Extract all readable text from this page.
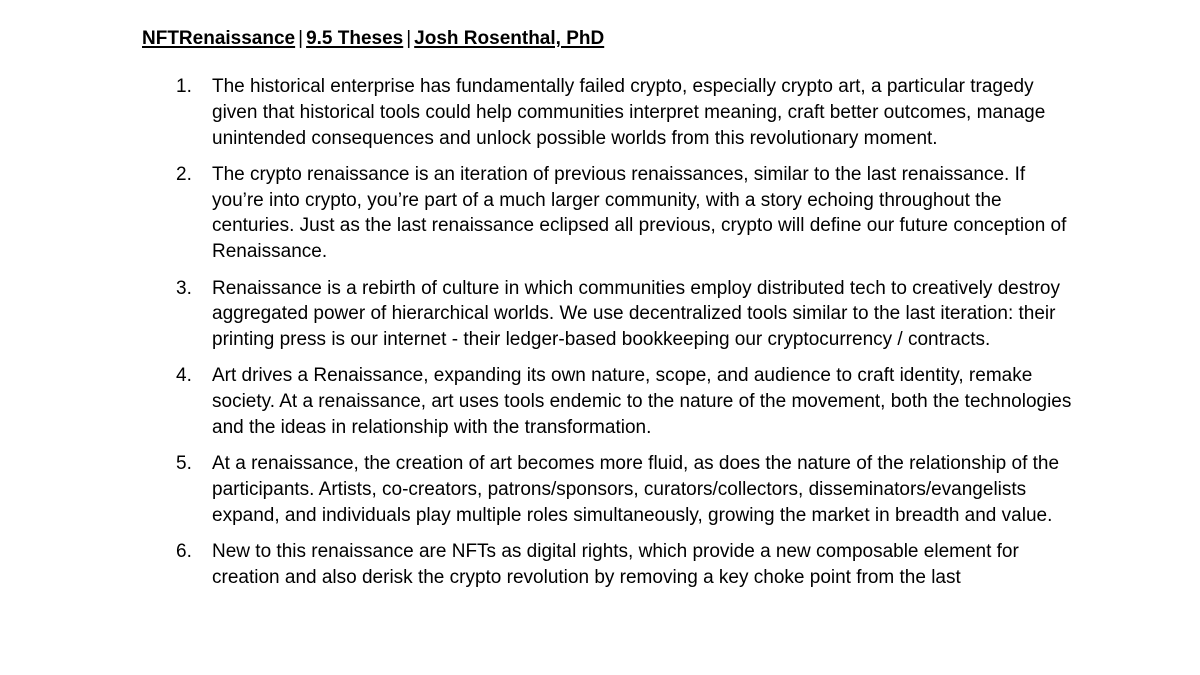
NFTRenaissance | 9.5 Theses | Josh Rosenthal, PhD
1.	The historical enterprise has fundamentally failed crypto, especially crypto art, a particular tragedy given that historical tools could help communities interpret meaning, craft better outcomes, manage unintended consequences and unlock possible worlds from this revolutionary moment.
2.	The crypto renaissance is an iteration of previous renaissances, similar to the last renaissance. If you’re into crypto, you’re part of a much larger community, with a story echoing throughout the centuries. Just as the last renaissance eclipsed all previous, crypto will define our future conception of Renaissance.
3.	Renaissance is a rebirth of culture in which communities employ distributed tech to creatively destroy aggregated power of hierarchical worlds. We use decentralized tools similar to the last iteration: their printing press is our internet - their ledger-based bookkeeping our cryptocurrency / contracts.
4.	Art drives a Renaissance, expanding its own nature, scope, and audience to craft identity, remake society. At a renaissance, art uses tools endemic to the nature of the movement, both the technologies and the ideas in relationship with the transformation.
5.	At a renaissance, the creation of art becomes more fluid, as does the nature of the relationship of the participants. Artists, co-creators, patrons/sponsors, curators/collectors, disseminators/evangelists expand, and individuals play multiple roles simultaneously, growing the market in breadth and value.
6.	New to this renaissance are NFTs as digital rights, which provide a new composable element for creation and also derisk the crypto revolution by removing a key choke point from the last
